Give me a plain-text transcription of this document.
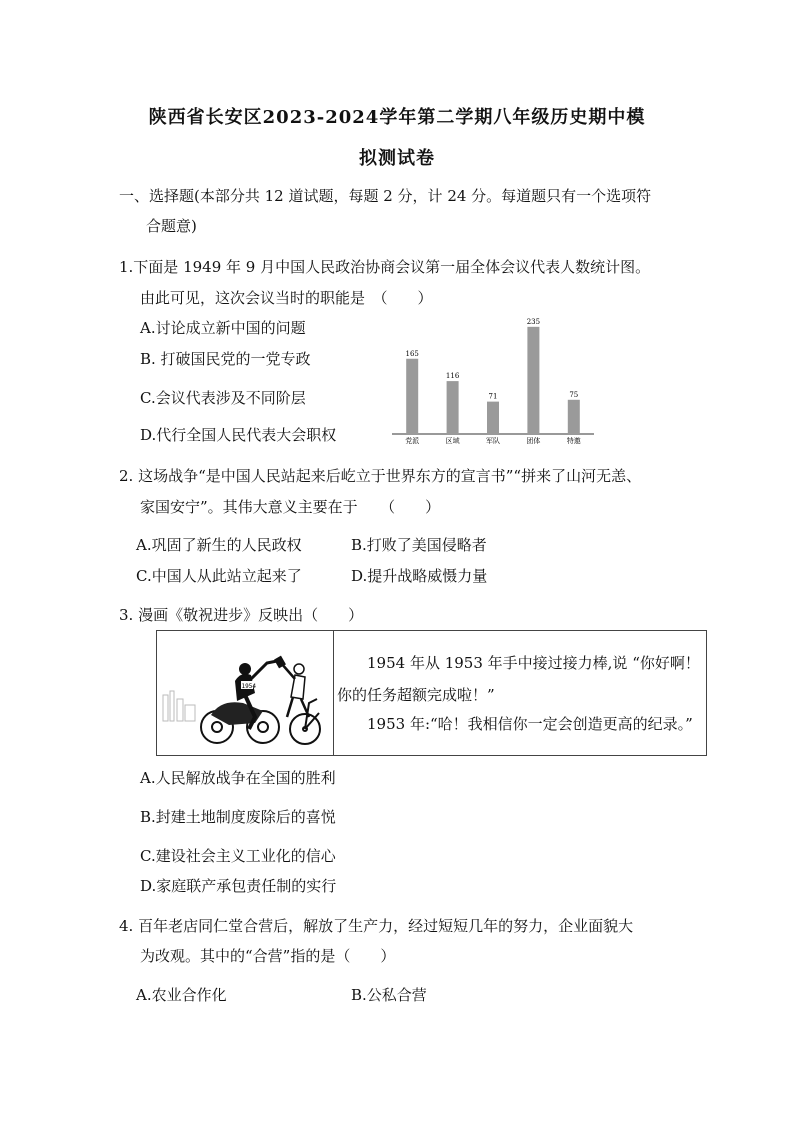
陕西省长安区2023-2024学年第二学期八年级历史期中模
拟测试卷
一、选择题(本部分共 12 道试题，每题 2 分，计 24 分。每道题只有一个选项符
合题意)
1.下面是 1949 年 9 月中国人民政治协商会议第一届全体会议代表人数统计图。
由此可见，这次会议当时的职能是　（　　）
A.讨论成立新中国的问题
B. 打破国民党的一党专政
C.会议代表涉及不同阶层
D.代行全国人民代表大会职权
165
党派
116
区域
71
军队
235
团体
75
特邀
2. 这场战争“是中国人民站起来后屹立于世界东方的宣言书”“拼来了山河无恙、
家国安宁”。其伟大意义主要在于　　（　　）
A.巩固了新生的人民政权	B.打败了美国侵略者
C.中国人从此站立起来了	D.提升战略威慑力量
3. 漫画《敬祝进步》反映出（　　）
1954
1954 年从 1953 年手中接过接力棒,说 “你好啊！
你的任务超额完成啦！”
1953 年:“哈！我相信你一定会创造更高的纪录。”
A.人民解放战争在全国的胜利
B.封建土地制度废除后的喜悦
C.建设社会主义工业化的信心
D.家庭联产承包责任制的实行
4. 百年老店同仁堂合营后，解放了生产力，经过短短几年的努力，企业面貌大
为改观。其中的“合营”指的是（　　）
A.农业合作化	B.公私合营
